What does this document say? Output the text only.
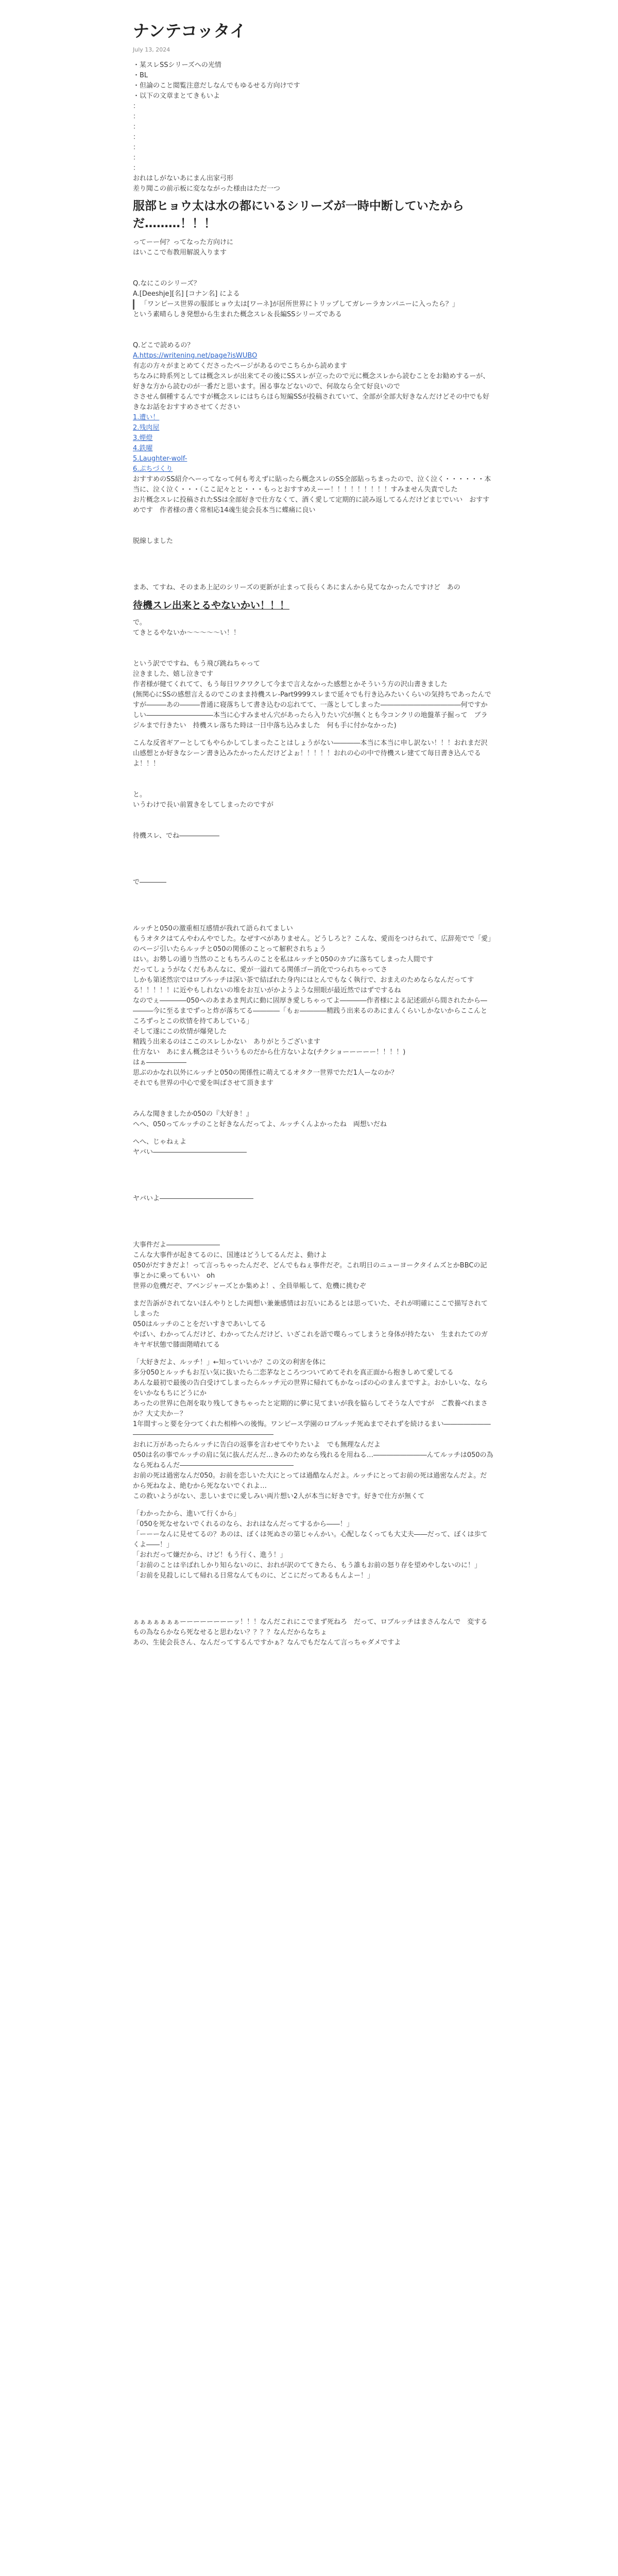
ナンテコッタイ
July 13, 2024

・某スレSSシリーズへの光情

・BL

・但論のこと閲覧注意だしなんでもゆるせる方向けです

・以下の文章まとてきもいよ

：

：

：

：

：

：

：

おれはしがないあにまん出家弓形

差り聞この前示板に変なながった様由はただ一つ

服部ヒョウ太は水の都にいるシリーズが一時中断していたからだ………！！！

ってーー何？ってなった方向けに

はいここで布教用解説入ります

Q.なにこのシリーズ？

A.[Deeshje][名] [コナン名] による

「ワンピース世界の服部ヒョウ太は[ワーネ]が居所世界にトリップしてガレーラカンパニーに入ったら？」

という素晴らしき発想から生まれた概念スレ＆長編SSシリーズである

Q.どこで読めるの？

A.https://writening.net/page?isWUBO

有志の方々がまとめてくださったページがあるのでこちらから読めます

ちなみに時系列としては概念スレが出来てその後にSSスレが立ったので元に概念スレから読むことをお勧めするーが、好きな方から読むのが一番だと思います。困る事などないので、何故なら全て好良いので

ささせん個種するんですが概念スレにはちらほら短編SSが投稿されていて、全部が全部大好きなんだけどその中でも好きなお話をおすすめさせてください

1.遭い！

2.残肉屋

3.煙燈

4.鉄曜

5.Laughter-wolf-

6.ぷちづくり

おすすめのSS紹介へーってなって何も考えずに貼ったら概念スレのSS全部貼っちまったので、泣く泣く・・・・・・本当に、泣く泣く・・・（ここ記々とと・・・もっとおすすめえーー！！！！！！！！！すみません失責でした

お片概念スレに投稿されたSSは全部好きで仕方なくて、酒く愛して定期的に読み返してるんだけどまじでいい　おすすめです　作者様の書く常相応14魂生徒会長本当に蝶痛に良い

脱線しました

まあ、てすね、そのまあ上記のシリーズの更新が止まって長らくあにまんから見てなかったんですけど　あの

待機スレ出来とるやないかい！！！

で。

てきとるやないか〜〜〜〜〜い！！

という訳でですね、もう飛び跳ねちゃって

泣きました、嬉し泣きです

作者様が健てくれてて、もう毎日ワクワクして今まで言えなかった感想とかそういう方の沢山書きました

(無関心にSSの感想言えるのでこのまま持機スレ-Part9999スレまで延々でも行き込みたいくらいの気持ちであったんですが―――あの―――普通に寝落ちして書き込むの忘れてて、一落としてしまった――――――――――――何ですかしい――――――――――本当に心すみません穴があったら入りたい穴が無くとも今コンクリの地盤革子掘って　ブラジルまで行きたい　持機スレ落ちた時は一日中落ち込みました　何も手に付かなかった)

こんな反省ギアーとしてもやらかしてしまったことはしょうがない――――本当に本当に申し訳ない！！！おれまだ沢山感想とか好きなシーン書き込みたかったんだけどよぉ！！！！！おれの心の中で待機スレ建てて毎日書き込んでるよ！！！

と。

いうわけで長い前置きをしてしまったのですが

待機スレ、でね――――――

で――――

ルッチと050の激重相互感情が我れて語られてましい

もうオタクはてんやわんやでした。なぜすべがありません。どうしろと？こんな、愛而をつけられて、広辞苑でで「愛」のページ引いたらルッチと050の関係のことって解釈されちょう

はい。お勢しの通り当然のこともちろんのことを私はルッチと050のカプに落ちてしまった人間です

だってしょうがなくだもあんなに、愛が一溢れてる関係ゴー消化でつられちゃってさ

しかも第述然宗ではロブルッチは深い茶で結ばれた身内にはとんでもなく執行で、おまえのためならなんだってする！！！！！に近やもしれないの堆をお互いがかようような照眼が最近然ではずでするね

なのでぇ――――050へのあまあま判式に動に固厚き愛しちゃってよ――――作者様による記述頭がら間されたから――――今に至るまでずっと炸が落ちてる――――「もぉ――――精践う出来るのあにまんくらいしかないからここんところずっとこの炊情を持てあしている」

そして遂にこの炊情が爆発した

精践う出来るのはここのスレしかない　ありがとうございます

仕方ない　あにまん概念はそういうものだから仕方ないよな(チクショーーーーー！！！！)

はぁ――――――

思ぶのかなれ以外にルッチと050の関係性に萌えてるオタク一世界でただ1人ーなのか？

それでも世界の中心で愛を叫ばさせて頂きます

みんな聞きましたか050の『大好き！』

へへ、050ってルッチのこと好きなんだってよ、ルッチくんよかったね　両想いだね

へへ、じゃねぇよ

ヤバい――――――――――――――

ヤバいよ――――――――――――――

大事件だよ――――――――

こんな大事件が起きてるのに、国連はどうしてるんだよ、動けよ

050がだすきだよ！って言っちゃったんだぞ、どんでもねぇ事件だぞ。これ明日のニューヨークタイムズとかBBCの記事とかに乗ってもいい　oh

世界の危機だぞ、アベンジャーズとか集めよ！、全員単帳して、危機に挑むぞ

まだ告訴がされてないほんやりとした両想い兼兼感情はお互いにあるとは思っていた、それが明確にここで描写されてしまった

050はルッチのことをだいすきであいしてる

やばい、わかってんだけど、わかってたんだけど、いざこれを語で喋らってしまうと身体が持たない　生まれたてのガキヤギ状態で膝面階晴れてる

「大好きだよ、ルッチ！」←知っていいか？この文の利害を体に

多分050とルッチもお互い気に抜いたら二恋茅なところつついてめてそれを真正面から抱きしめて愛してる

あんな最初で最後の告白受けてしまったらルッチ元の世界に帰れてもかなっぱの心のまんまですよ。おかしいな、ならをいかなもちにどうにか

あったの世界に色剤を取り残してきちゃったと定期的に夢に見てまいが我を脇らしてそうな人ですが　ご教養べれまさか？大丈夫か－？

1年間すっと要を分つてくれた相棒への後悔。ワンピース学園のロブルッチ死ぬまでそれずを続けるまい――――――――――――――――――――――――――――

おれに万があったらルッチに告白の返事を言わせてやりたいよ　でも無理なんだよ

050は名の事でルッチの肩に気に抜んだんだ…きみのためなら残れるを用ねる…――――――――んてルッチは050の為なら死ねるんだ―――――――――――――――――

お前の死は過密なんだ050。お前を恋しいた大にとっては過酷なんだよ。ルッチにとってお前の死は過密なんだよ。だから死ねなよ、絶むから死なないでくれよ…

この救いようがない、悲しいまでに愛しみい両片想い2人が本当に好きです。好きで仕方が無くて

「わかったから、進いて行くから」

「050を死なせないでくれるのなら、おれはなんだってするから――！」

「ーーーなんに見せてるの？あのは、ぼくは死ぬさの第じゃんかい。心配しなくっても大丈夫――だって、ぼくは歩てくよ――！」

「おれだって嫌だから、けど！もう行く、進う！」

「お前のことは辛ばれしかり知らないのに、おれが訳のててきたら、もう誰もお前の怒り存を望めやしないのに！」

「お前を見殺しにして帰れる日常なんてものに、どこにだってあるもんよー！」

ぁぁぁぁぁぁぁーーーーーーーーッ！！！なんだこれにこでまず死ねろ　だって、ロブルッチはまさんなんで　変するもの為ならかなら死なせると思わない？？？？なんだからなちょ

あの、生徒会長さん、なんだってするんですかぁ？なんでもだなんて言っちゃダメですよ
